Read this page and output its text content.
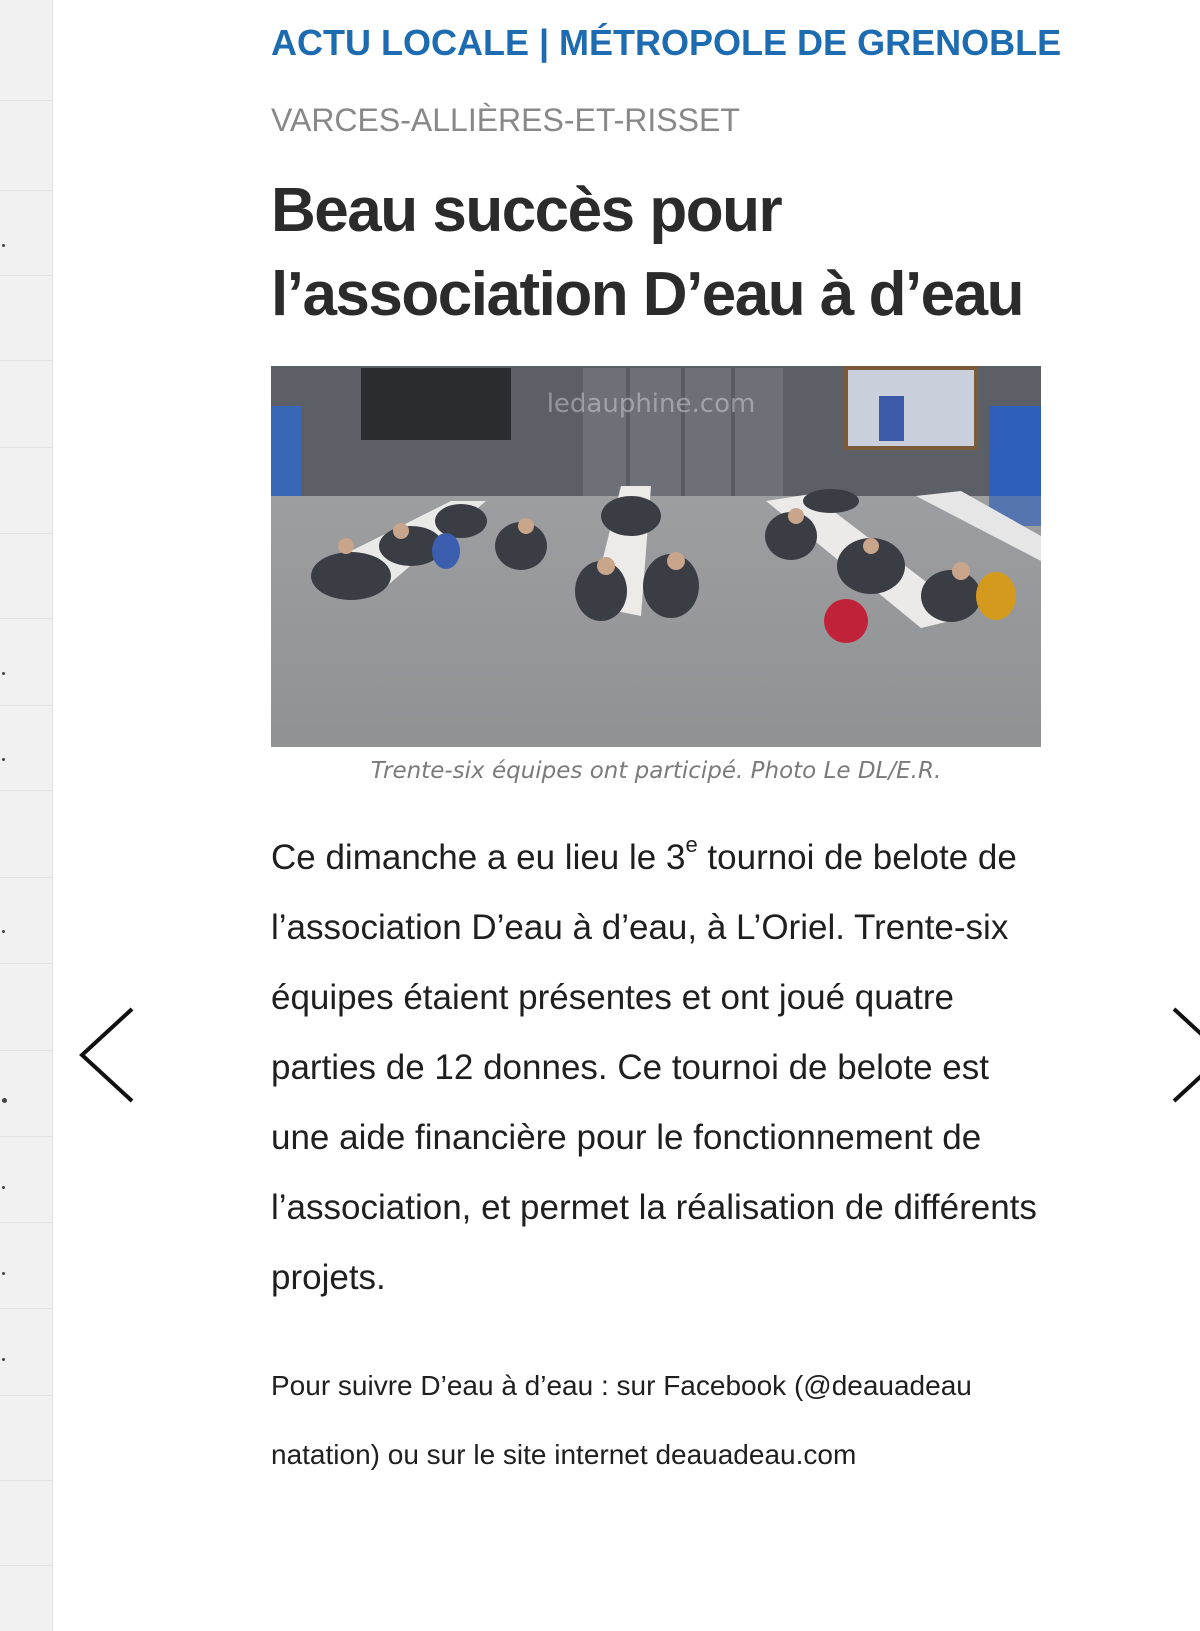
ACTU LOCALE | MÉTROPOLE DE GRENOBLE
VARCES-ALLIÈRES-ET-RISSET
Beau succès pour
l’association D’eau à d’eau
ledauphine.com
Trente-six équipes ont participé. Photo Le DL/E.R.

Ce dimanche a eu lieu le 3e tournoi de belote de l’association D’eau à d’eau, à L’Oriel. Trente-six équipes étaient présentes et ont joué quatre parties de 12 donnes. Ce tournoi de belote est une aide financière pour le fonctionnement de l’association, et permet la réalisation de différents projets.

Pour suivre D’eau à d’eau : sur Facebook (@deauadeau natation) ou sur le site internet deauadeau.com
